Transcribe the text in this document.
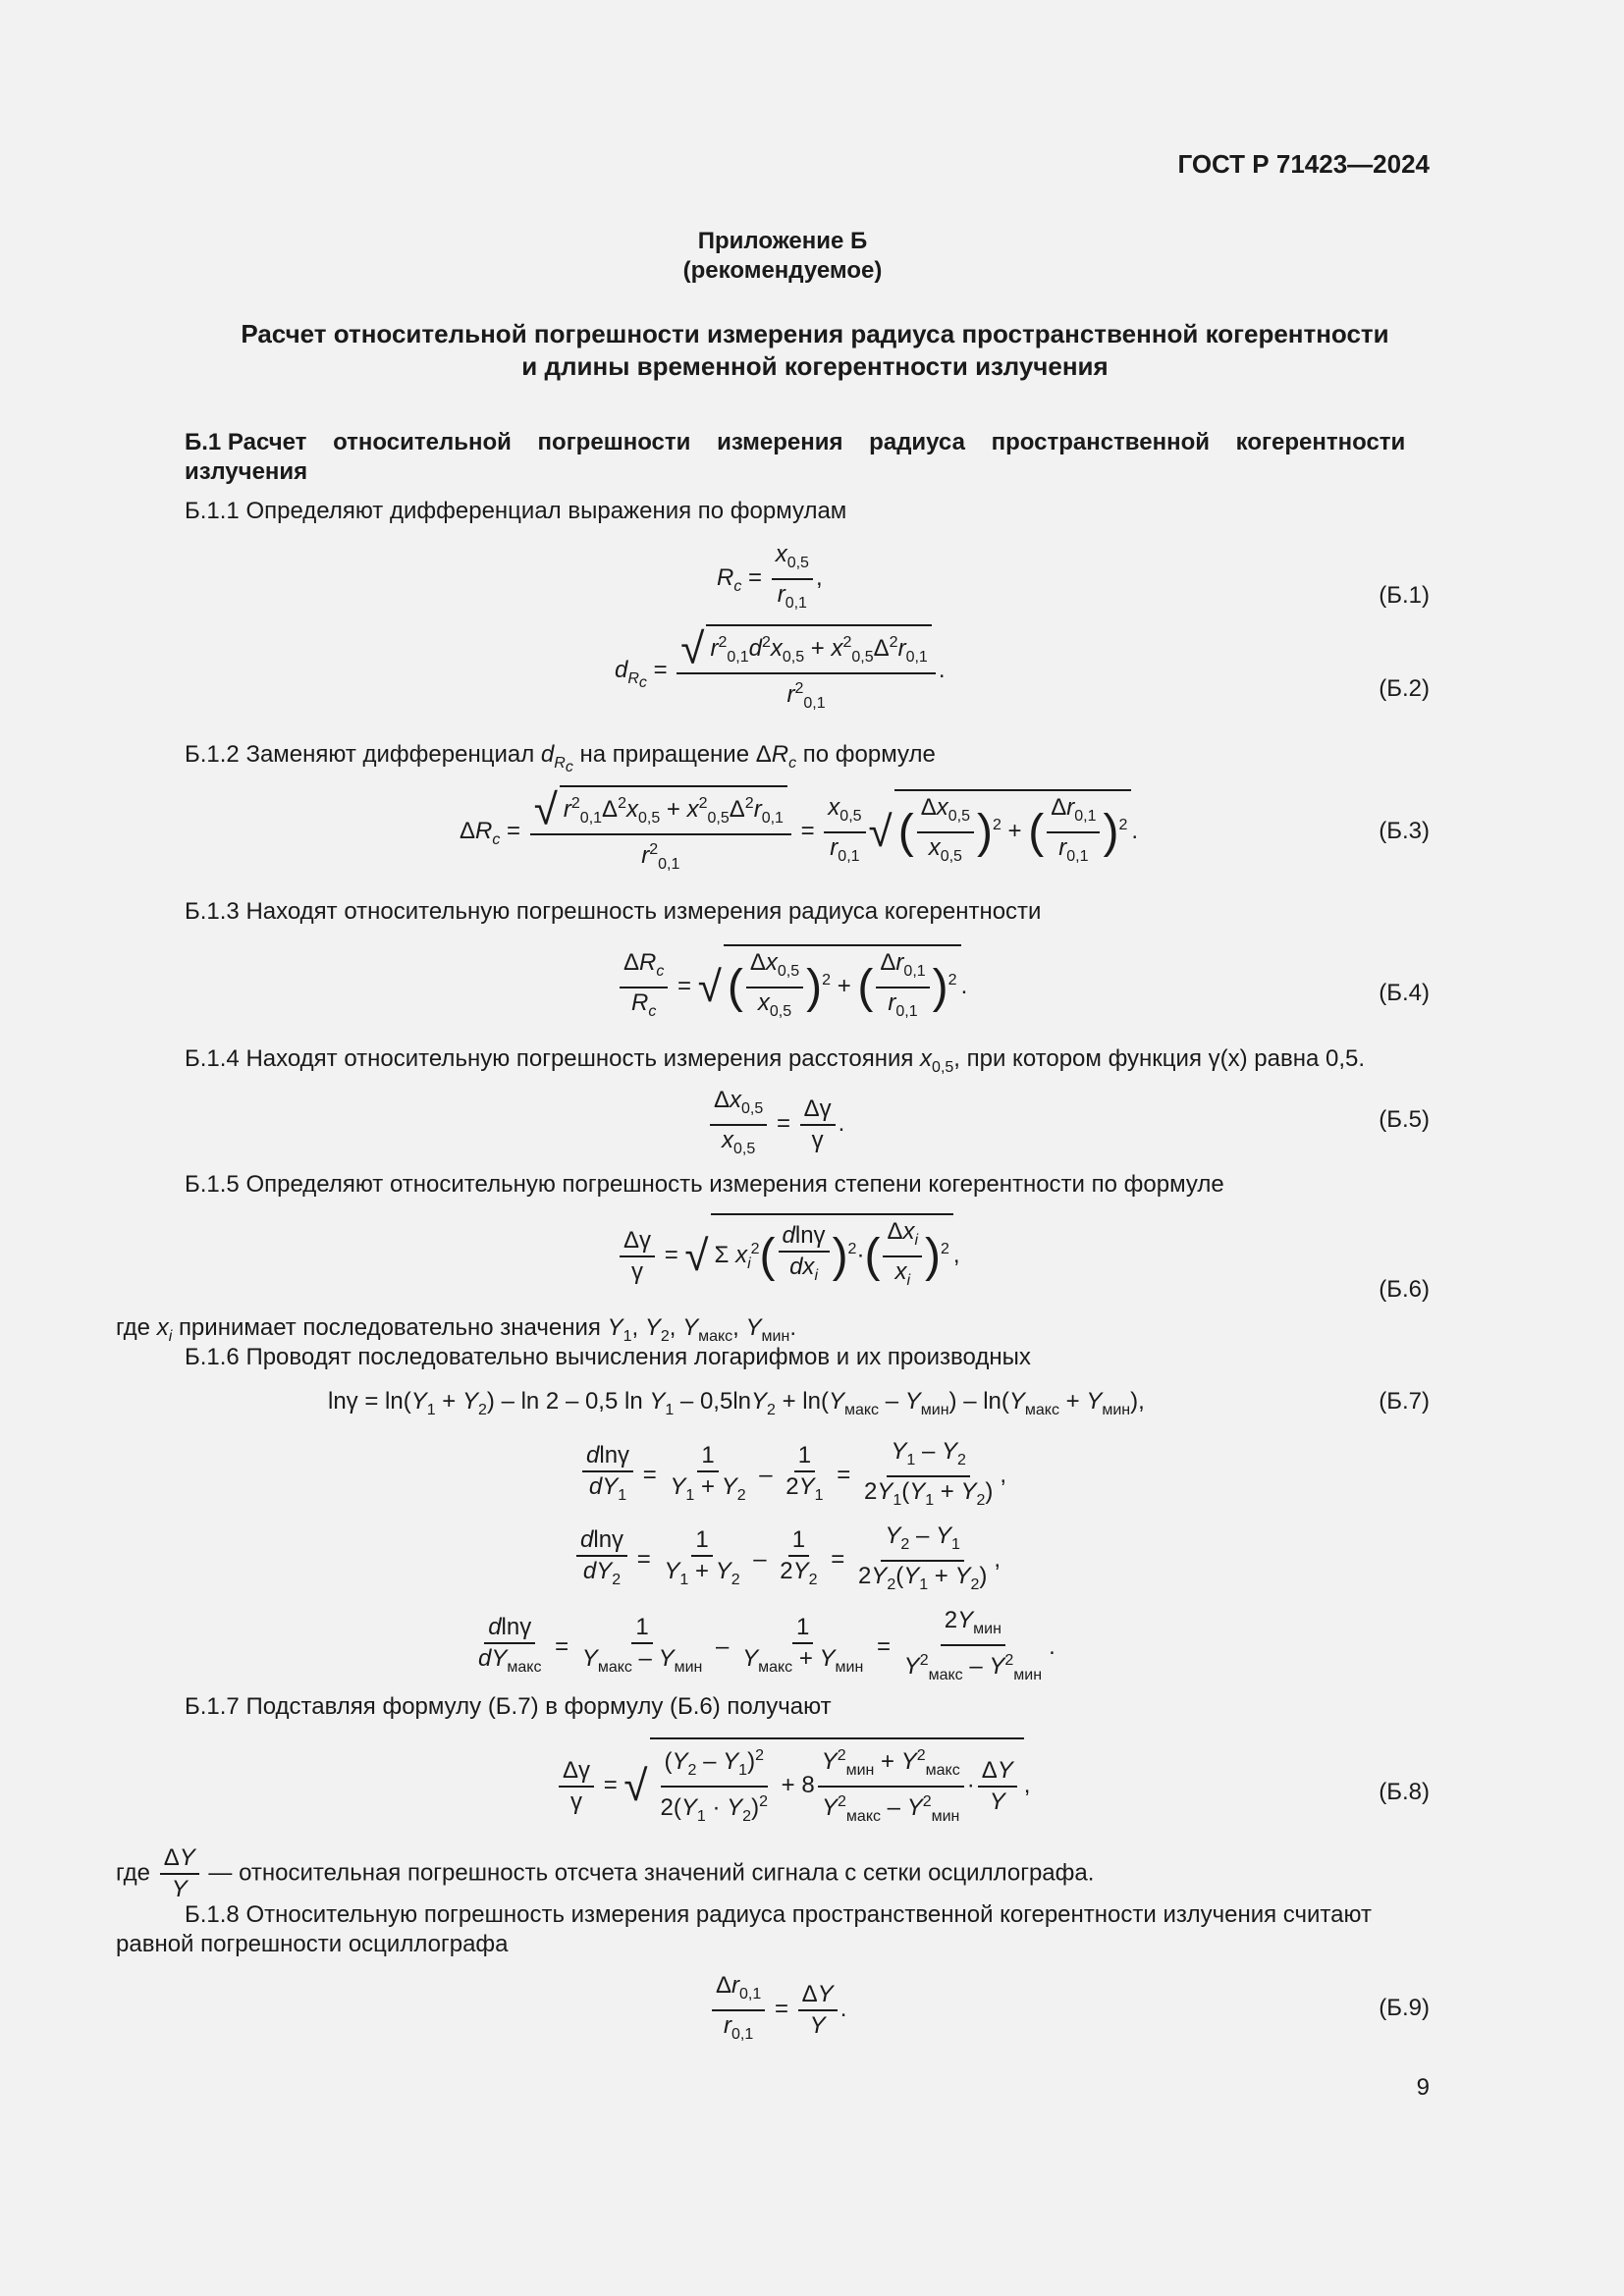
ГОСТ Р 71423—2024
Приложение Б
(рекомендуемое)
Расчет относительной погрешности измерения радиуса пространственной когерентности
и длины временной когерентности излучения
Б.1 Расчет    относительной    погрешности    измерения    радиуса    пространственной    когерентности
излучения
Б.1.1 Определяют дифференциал выражения по формулам
$R_c = \frac{x_{0,5}}{r_{0,1}}$ ,
(Б.1)
$d_{R_c} = \frac{√ r^2_{0,1}d^2x_{0,5} + x^2_{0,5}\Delta^2r_{0,1}}{r^2_{0,1}}$ .
(Б.2)
Б.1.2 Заменяют дифференциал $d_{R_c}$ на приращение $\Delta R_c$ по формуле
$\Delta R_c = \frac{√ r^2_{0,1}\Delta^2x_{0,5} + x^2_{0,5}\Delta^2r_{0,1}}{r^2_{0,1}} = \frac{x_{0,5}}{r_{0,1}}$ √ ( $\frac{\Delta x_{0,5}}{x_{0,5}} )^2$ + ( $\frac{\Delta r_{0,1}}{r_{0,1}} )^2$ .	(Б.3)
Б.1.3 Находят относительную погрешность измерения радиуса когерентности
$\frac{\Delta R_c}{R_c}$ = √ ( $\frac{\Delta x_{0,5}}{x_{0,5}} )^2$ + ( $\frac{\Delta r_{0,1}}{r_{0,1}} )^2$ .	(Б.4)
Б.1.4 Находят относительную погрешность измерения расстояния $x_{0,5}$, при котором функция γ(x) равна 0,5.
$\frac{\Delta x_{0,5}}{x_{0,5}} = \frac{\Delta\gamma}{\gamma}$ .	(Б.5)
Б.1.5 Определяют относительную погрешность измерения степени когерентности по формуле
$\frac{\Delta\gamma}{\gamma}$ = √ Σ $x_i^2( \frac{dln\gamma}{dx_i} )^2\cdot( \frac{\Delta x_i}{x_i} )^2$ ,
(Б.6)
где $x_i$ принимает последовательно значения $Y_1$, $Y_2$, $Y_{макс}$, $Y_{мин}$.
Б.1.6 Проводят последовательно вычисления логарифмов и их производных
$\ln\gamma = \ln(Y_1 + Y_2) - \ln 2 - 0,5$ $\ln Y_1 - 0,5\ln Y_2 + \ln(Y_{макс} - Y_{мин}) - \ln(Y_{макс} + Y_{мин})$,	(Б.7)
$\frac{dln\gamma}{dY_1} = \frac{1}{Y_1 + Y_2} - \frac{1}{2Y_1} = \frac{Y_1 - Y_2}{2Y_1(Y_1 + Y_2)}$ ,
$\frac{dln\gamma}{dY_2} = \frac{1}{Y_1 + Y_2} - \frac{1}{2Y_2} = \frac{Y_2 - Y_1}{2Y_2(Y_1 + Y_2)}$ ,
$\frac{dln\gamma}{dY_{макс}} = \frac{1}{Y_{макс} - Y_{мин}} - \frac{1}{Y_{макс} + Y_{мин}} = \frac{2Y_{мин}}{Y^2_{макс} - Y^2_{мин}}$ .
Б.1.7 Подставляя формулу (Б.7) в формулу (Б.6) получают
$\frac{\Delta\gamma}{\gamma}$ = √ $\frac{(Y_2 - Y_1)^2}{2(Y_1 \cdot Y_2)^2} + 8 \frac{Y^2_{мин} + Y^2_{макс}}{Y^2_{макс} - Y^2_{мин}} \cdot \frac{\Delta Y}{Y}$ ,	(Б.8)
где $\frac{\Delta Y}{Y}$ — относительная погрешность отсчета значений сигнала с сетки осциллографа.
Б.1.8 Относительную погрешность измерения радиуса пространственной когерентности излучения считают
равной погрешности осциллографа
$\frac{\Delta r_{0,1}}{r_{0,1}} = \frac{\Delta Y}{Y}$ .	(Б.9)
9
